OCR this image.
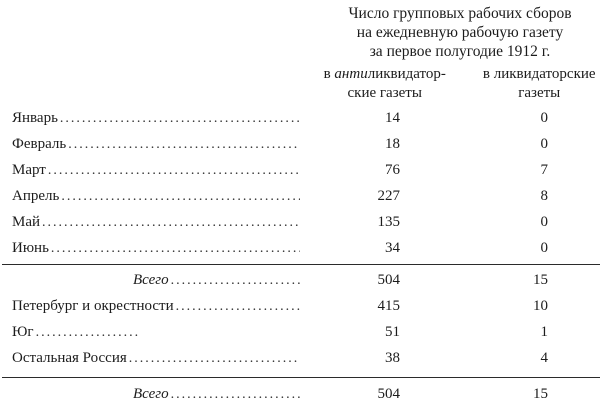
Число групповых рабочих сборов
на ежедневную рабочую газету
за первое полугодие 1912 г.
в антиликвидатор-
ские газеты
в ликвидаторские
газеты
Январь .....	14	0
Февраль .....	18	0
Март .....	76	7
Апрель .....	227	8
Май .....	135	0
Июнь .....	34	0
Всего .....	504	15
Петербург и окрестности .....	415	10
Юг .....	51	1
Остальная Россия .....	38	4
Всего .....	504	15
